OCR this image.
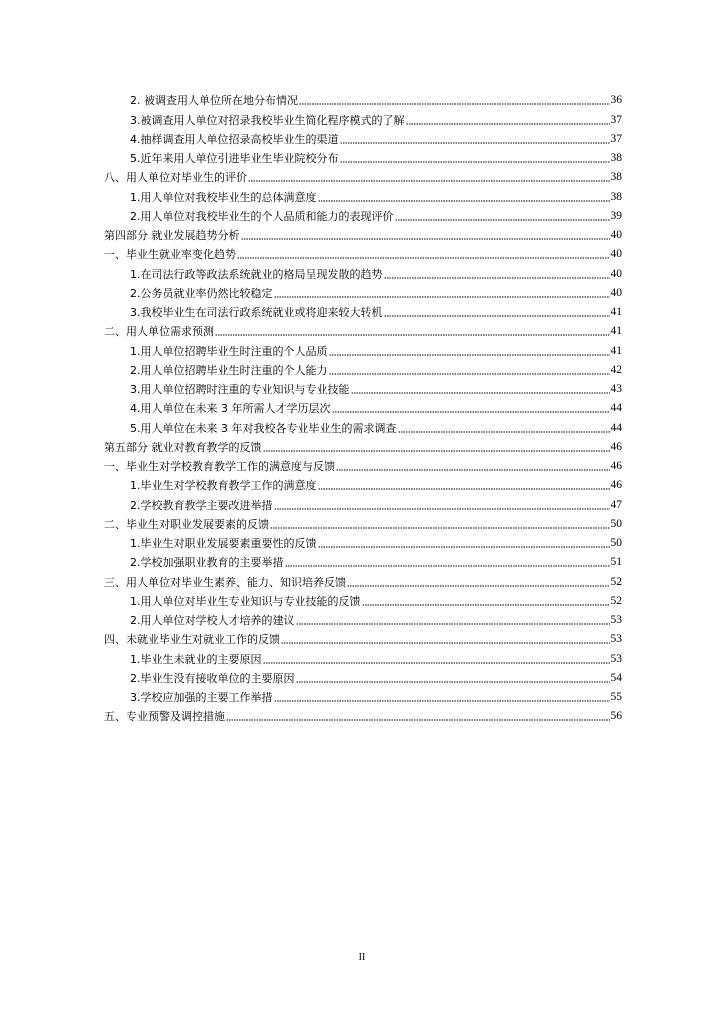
2. 被调查用人单位所在地分布情况	36
3.被调查用人单位对招录我校毕业生简化程序模式的了解	37
4.抽样调查用人单位招录高校毕业生的渠道	37
5.近年来用人单位引进毕业生毕业院校分布	38
八、用人单位对毕业生的评价	38
1.用人单位对我校毕业生的总体满意度	38
2.用人单位对我校毕业生的个人品质和能力的表现评价	39
第四部分 就业发展趋势分析	40
一、毕业生就业率变化趋势	40
1.在司法行政等政法系统就业的格局呈现发散的趋势	40
2.公务员就业率仍然比较稳定	40
3.我校毕业生在司法行政系统就业或将迎来较大转机	41
二、用人单位需求预测	41
1.用人单位招聘毕业生时注重的个人品质	41
2.用人单位招聘毕业生时注重的个人能力	42
3.用人单位招聘时注重的专业知识与专业技能	43
4.用人单位在未来 3 年所需人才学历层次	44
5.用人单位在未来 3 年对我校各专业毕业生的需求调查	44
第五部分 就业对教育教学的反馈	46
一、毕业生对学校教育教学工作的满意度与反馈	46
1.毕业生对学校教育教学工作的满意度	46
2.学校教育教学主要改进举措	47
二、毕业生对职业发展要素的反馈	50
1.毕业生对职业发展要素重要性的反馈	50
2.学校加强职业教育的主要举措	51
三、用人单位对毕业生素养、能力、知识培养反馈	52
1.用人单位对毕业生专业知识与专业技能的反馈	52
2.用人单位对学校人才培养的建议	53
四、未就业毕业生对就业工作的反馈	53
1.毕业生未就业的主要原因	53
2.毕业生没有接收单位的主要原因	54
3.学校应加强的主要工作举措	55
五、专业预警及调控措施	56
II
